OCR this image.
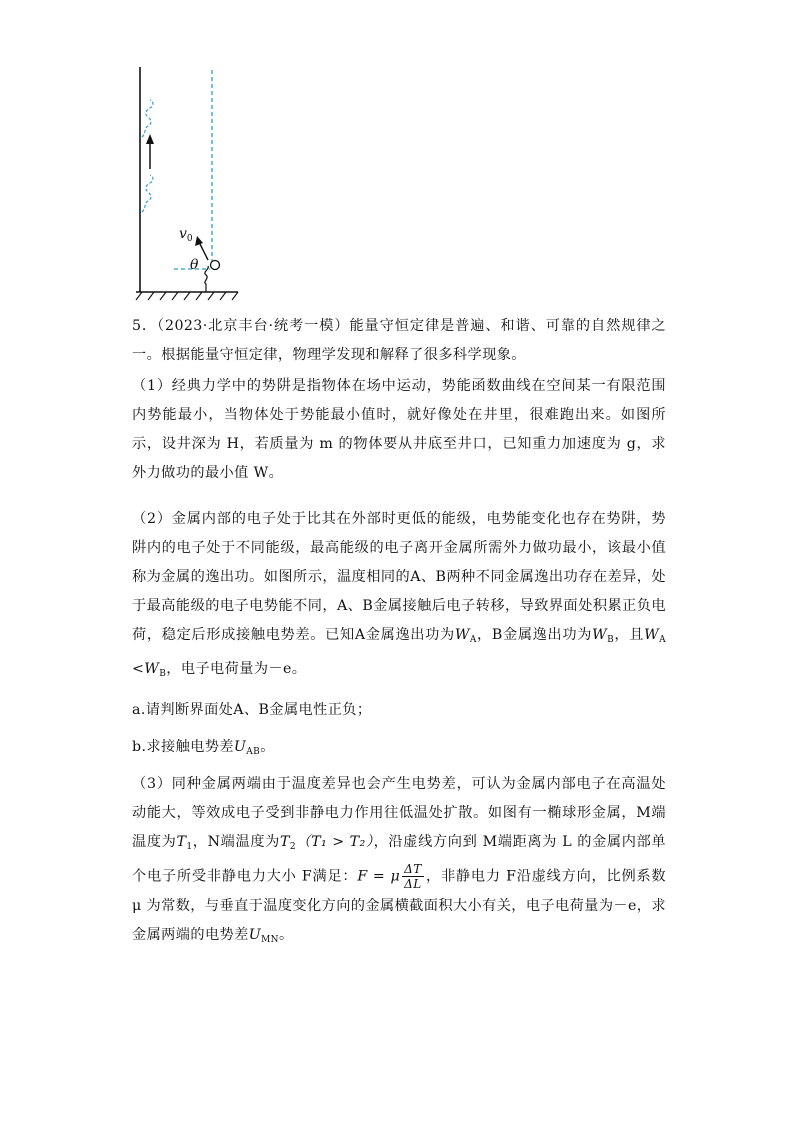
$v_0$
θ

5．（2023·北京丰台·统考一模）能量守恒定律是普遍、和谐、可靠的自然规律之一。根据能量守恒定律，物理学发现和解释了很多科学现象。

（1）经典力学中的势阱是指物体在场中运动，势能函数曲线在空间某一有限范围内势能最小，当物体处于势能最小值时，就好像处在井里，很难跑出来。如图所示，设井深为 H，若质量为 m 的物体要从井底至井口，已知重力加速度为 g，求外力做功的最小值 W。

（2）金属内部的电子处于比其在外部时更低的能级，电势能变化也存在势阱，势阱内的电子处于不同能级，最高能级的电子离开金属所需外力做功最小，该最小值称为金属的逸出功。如图所示，温度相同的A、B两种不同金属逸出功存在差异，处于最高能级的电子电势能不同，A、B金属接触后电子转移，导致界面处积累正负电荷，稳定后形成接触电势差。已知A金属逸出功为$W_A$，B金属逸出功为$W_B$，且$W_A <W_B$，电子电荷量为－e。

a.请判断界面处A、B金属电性正负；

b.求接触电势差$U_{AB}$。

（3）同种金属两端由于温度差异也会产生电势差，可认为金属内部电子在高温处动能大，等效成电子受到非静电力作用往低温处扩散。如图有一椭球形金属，M端温度为$T_1$，N端温度为$T_2(T_1 > T_2)$，沿虚线方向到 M端距离为 L 的金属内部单个电子所受非静电力大小 F满足：F = μ $\frac{\Delta T}{\Delta L}$ ，非静电力 F沿虚线方向，比例系数 μ 为常数，与垂直于温度变化方向的金属横截面积大小有关，电子电荷量为－e，求金属两端的电势差$U_{MN}$。
